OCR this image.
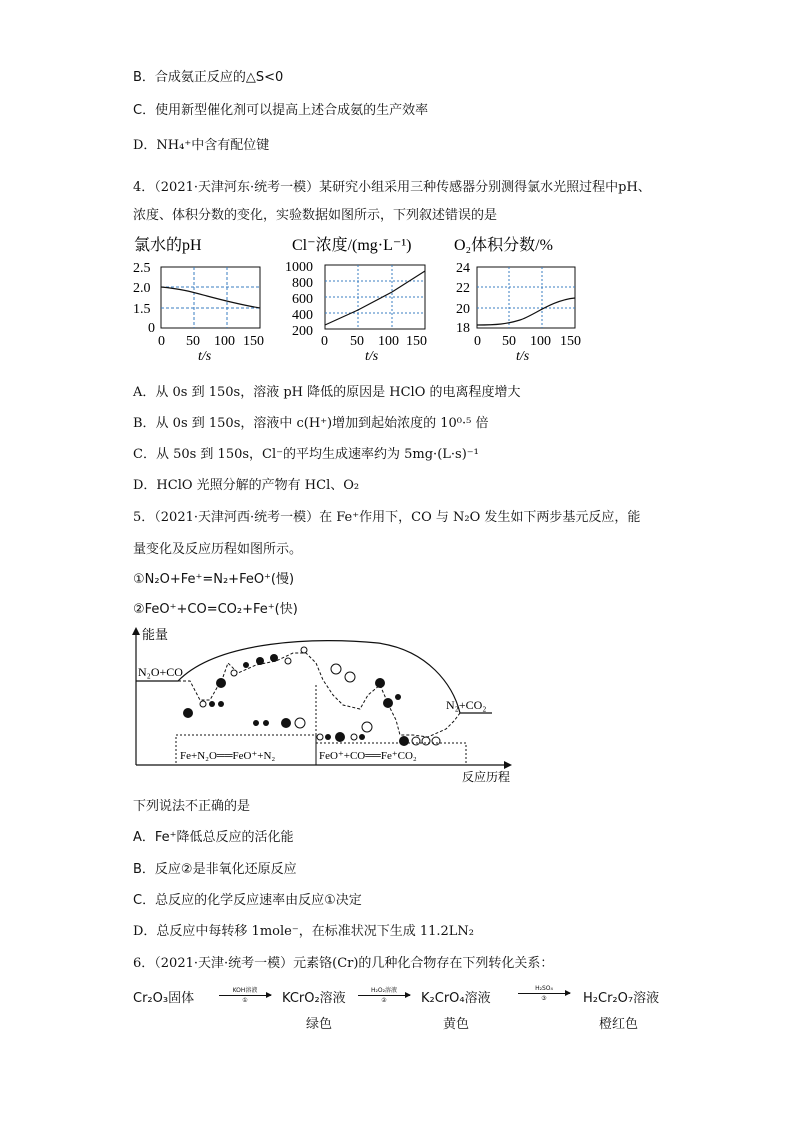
B．合成氨正反应的△S<0
C．使用新型催化剂可以提高上述合成氨的生产效率
D．NH₄⁺中含有配位键
4．（2021·天津河东·统考一模）某研究小组采用三种传感器分别测得氯水光照过程中pH、
浓度、体积分数的变化，实验数据如图所示，下列叙述错误的是
氯水的pH
2.5
2.0
1.5
0
0 50 100 150
t/s
Cl⁻浓度/(mg·L⁻¹)
1000
800
600
400
200
0 50 100 150
t/s
O₂体积分数/%
24
22
20
18
0 50 100 150
t/s
A．从 0s 到 150s，溶液 pH 降低的原因是 HClO 的电离程度增大
B．从 0s 到 150s，溶液中 c(H⁺)增加到起始浓度的 10⁰·⁵ 倍
C．从 50s 到 150s，Cl⁻的平均生成速率约为 5mg·(L·s)⁻¹
D．HClO 光照分解的产物有 HCl、O₂
5．（2021·天津河西·统考一模）在 Fe⁺作用下，CO 与 N₂O 发生如下两步基元反应，能
量变化及反应历程如图所示。
①N₂O+Fe⁺=N₂+FeO⁺(慢)
②FeO⁺+CO=CO₂+Fe⁺(快)
能量
反应历程
N₂O+CO
N₂+CO₂
Fe+N₂O══FeO⁺+N₂	FeO⁺+CO══Fe⁺CO₂
下列说法不正确的是
A．Fe⁺降低总反应的活化能
B．反应②是非氧化还原反应
C．总反应的化学反应速率由反应①决定
D．总反应中每转移 1mole⁻，在标准状况下生成 11.2LN₂
6．（2021·天津·统考一模）元素铬(Cr)的几种化合物存在下列转化关系：
Cr₂O₃固体
KOH溶液
①	KCrO₂溶液
绿色
H₂O₂溶液
②	K₂CrO₄溶液
黄色
H₂SO₄
③	H₂Cr₂O₇溶液
橙红色
